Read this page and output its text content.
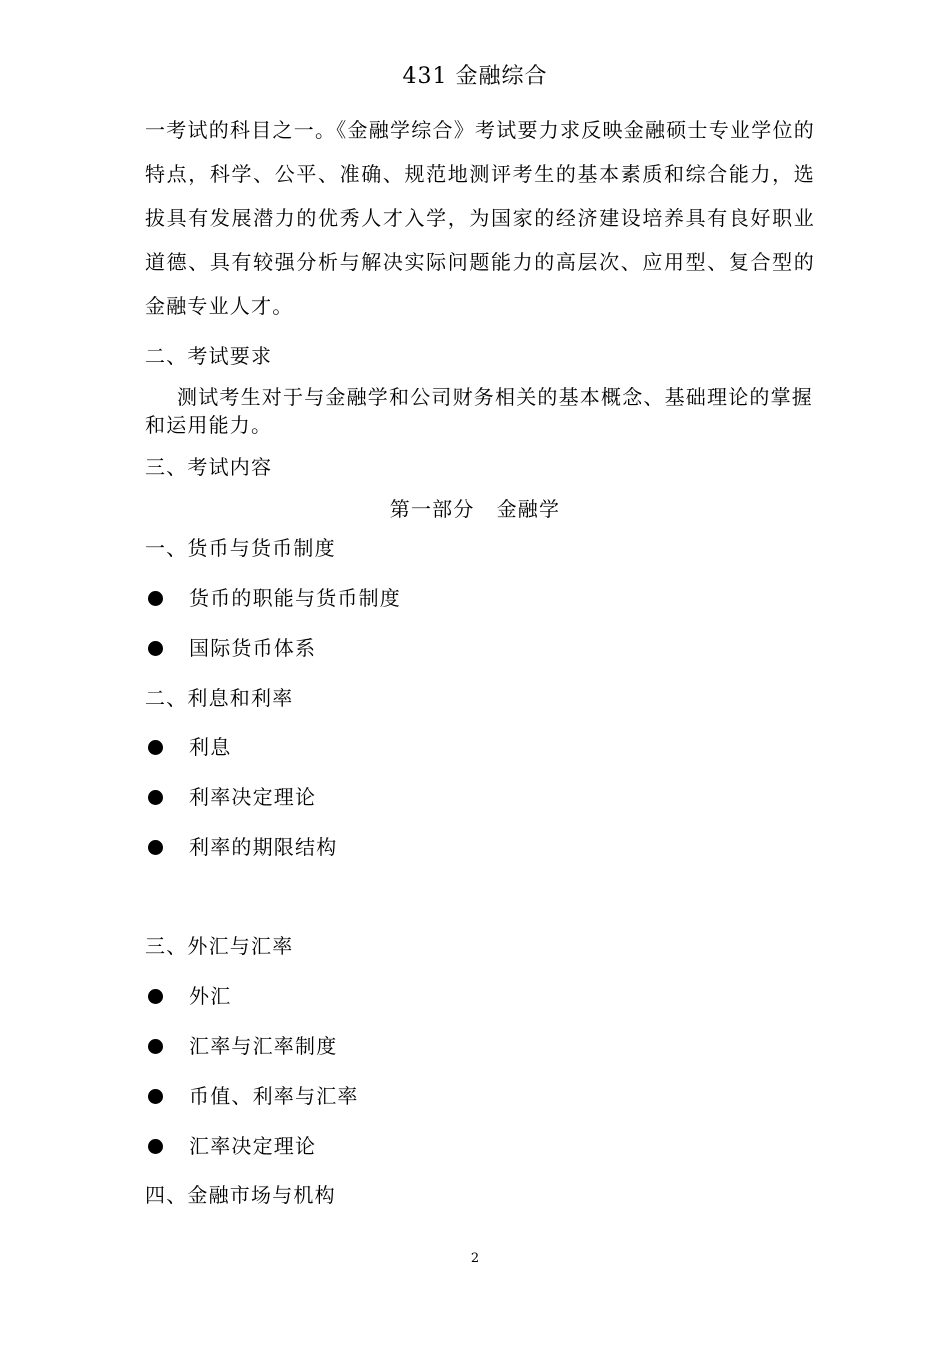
431 金融综合
一考试的科目之一。《金融学综合》考试要力求反映金融硕士专业学位的特点，科学、公平、准确、规范地测评考生的基本素质和综合能力，选拔具有发展潜力的优秀人才入学，为国家的经济建设培养具有良好职业道德、具有较强分析与解决实际问题能力的高层次、应用型、复合型的金融专业人才。
二、考试要求
测试考生对于与金融学和公司财务相关的基本概念、基础理论的掌握和运用能力。
三、考试内容
第一部分 金融学
一、货币与货币制度
货币的职能与货币制度
国际货币体系
二、利息和利率
利息
利率决定理论
利率的期限结构
三、外汇与汇率
外汇
汇率与汇率制度
币值、利率与汇率
汇率决定理论
四、金融市场与机构
2
